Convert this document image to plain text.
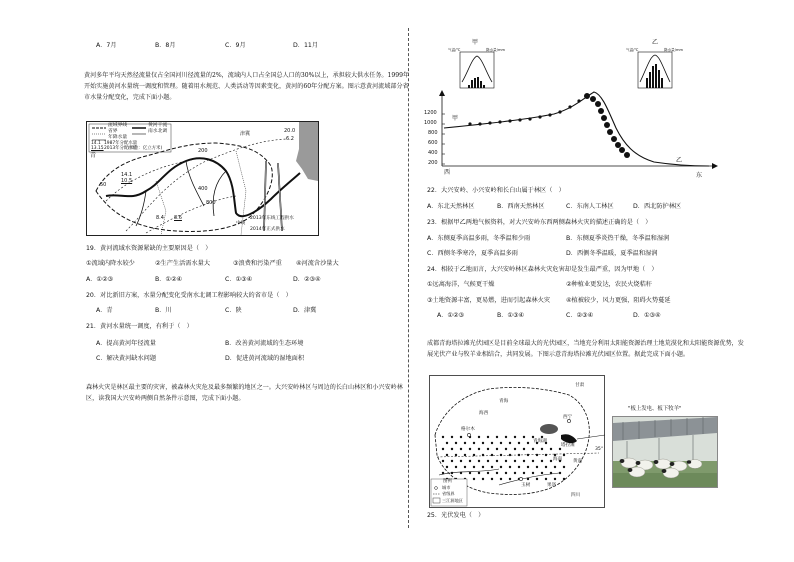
A．7月	B．8月	C．9月	D．11月
黄河多年平均天然径流量仅占全国河川径流量的2%，流域内人口占全国总人口的30%以上，承担较大供水任务。1999年开始实施黄河水量统一调度和管理。随着用水规范、人类活动等因素变化，黄河的60年分配方案。图示意黄河流域部分省市水量分配变化，完成下面小题。
流域界线
省界
年降水量
黄河干流
南水北调
14.1 1987年分配水量
13.15 2013年分配水量
(单位：亿立方米)
青
20.0
津冀
6.2
14.1
10.5
8.4 8.6
200
400
800
50
中线
2013年东线工程供水
2014年正式供水
19．黄河流域水资源紧缺的主要原因是（　）
①流域内降水较少	②生产生活需水量大	③浪费和污染严重 ④河流含沙量大
A．①②③	B．①②④	C．①③④	D．②③④
20．对比新旧方案，水量分配变化受南水北调工程影响较大的省市是（　）
A．青	B．川	C．陕	D．津冀
21．黄河水量统一调度，有利于（　）
A．提高黄河年径流量	B．改善黄河流域的生态环境
C．解决黄河缺水问题	D．促进黄河流域的湿地面积
森林火灾是林区最主要的灾害，被森林火灾危及最多频繁的地区之一。大兴安岭林区与周边的长白山林区和小兴安岭林区，读我国大兴安岭两侧自然条件示意图，完成下面小题。
甲	乙
气温/℃	降水量/mm	气温/℃	降水量/mm
1200
1000
800
600
400
200
甲
乙
西	东
22．大兴安岭、小兴安岭和长白山属于林区（　）
A．东北天然林区	B．西南天然林区	C．东南人工林区	D．西北防护林区
23．根据甲乙两地气候资料，对大兴安岭东西两侧森林火灾的描述正确的是（　）
A．东侧夏季高温多雨，冬季温和少雨	B．东侧夏季炎热干燥，冬季温和湿润
C．西侧冬季寒冷，夏季高温多雨	D．西侧冬季温暖，夏季温和湿润
24．相较于乙地而言，大兴安岭林区森林火灾危害却是发生最严重，因为甲地（　）
①远离海洋，气候更干燥	②种植业更发达，农民火烧秸秆
③土地资源丰富，更易燃，进而引起森林火灾	④植被较少，风力更强，阻碍火势蔓延
A．①②③	B．①③④	C．②③④	D．①③④
成都青海塔拉滩光伏园区是目前全球最大的光伏园区，当地充分利用太阳能资源治理土地荒漠化和太阳能资源优势，发展光伏产业与牧羊业相结合，共同发展。下图示意青海塔拉滩光伏园区位置。据此完成下面小题。
青海湖
西宁
塔拉滩
甘肃
四川
玉树
格尔木
果洛
黄南
海南
青海
海西
35°
图例
城市
省级界
三江源地区
"板上发电、板下牧羊"
25．光伏发电（　）
